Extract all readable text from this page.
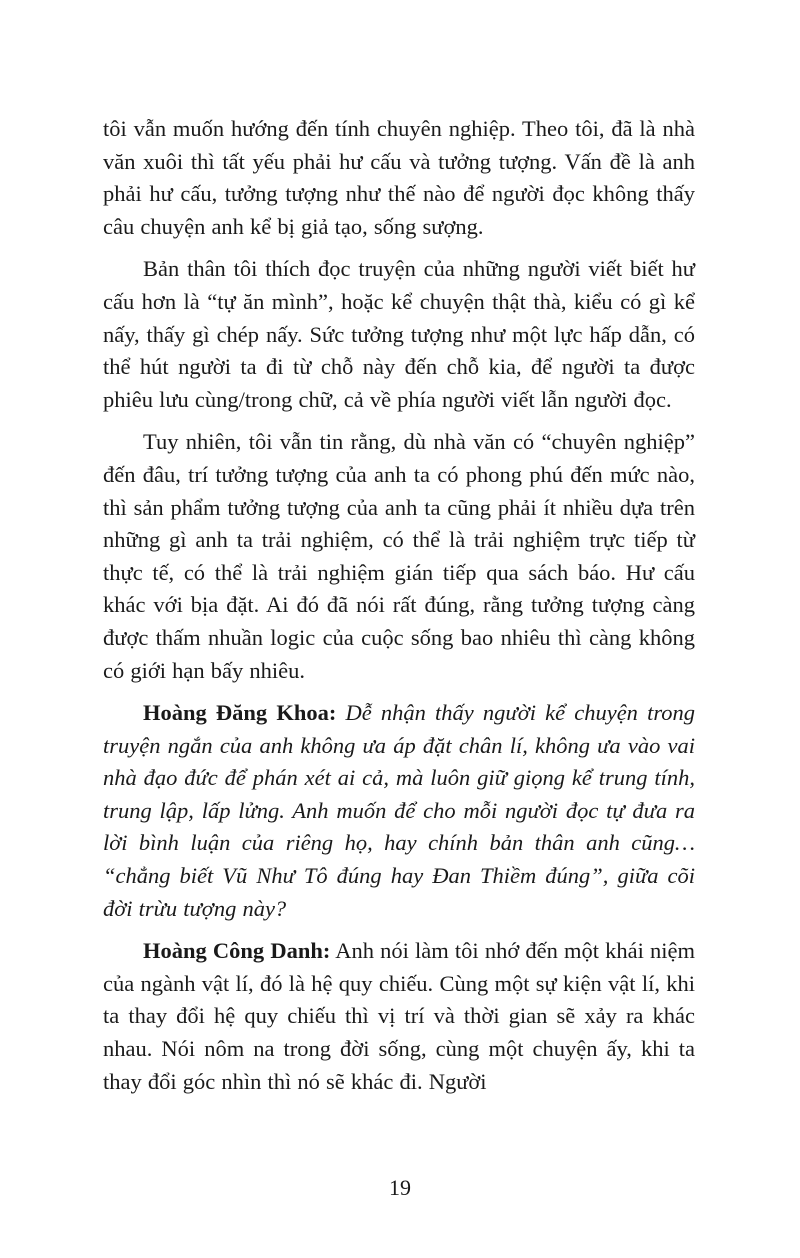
tôi vẫn muốn hướng đến tính chuyên nghiệp. Theo tôi, đã là nhà văn xuôi thì tất yếu phải hư cấu và tưởng tượng. Vấn đề là anh phải hư cấu, tưởng tượng như thế nào để người đọc không thấy câu chuyện anh kể bị giả tạo, sống sượng.

Bản thân tôi thích đọc truyện của những người viết biết hư cấu hơn là “tự ăn mình”, hoặc kể chuyện thật thà, kiểu có gì kể nấy, thấy gì chép nấy. Sức tưởng tượng như một lực hấp dẫn, có thể hút người ta đi từ chỗ này đến chỗ kia, để người ta được phiêu lưu cùng/trong chữ, cả về phía người viết lẫn người đọc.

Tuy nhiên, tôi vẫn tin rằng, dù nhà văn có “chuyên nghiệp” đến đâu, trí tưởng tượng của anh ta có phong phú đến mức nào, thì sản phẩm tưởng tượng của anh ta cũng phải ít nhiều dựa trên những gì anh ta trải nghiệm, có thể là trải nghiệm trực tiếp từ thực tế, có thể là trải nghiệm gián tiếp qua sách báo. Hư cấu khác với bịa đặt. Ai đó đã nói rất đúng, rằng tưởng tượng càng được thấm nhuần logic của cuộc sống bao nhiêu thì càng không có giới hạn bấy nhiêu.

Hoàng Đăng Khoa: Dễ nhận thấy người kể chuyện trong truyện ngắn của anh không ưa áp đặt chân lí, không ưa vào vai nhà đạo đức để phán xét ai cả, mà luôn giữ giọng kể trung tính, trung lập, lấp lửng. Anh muốn để cho mỗi người đọc tự đưa ra lời bình luận của riêng họ, hay chính bản thân anh cũng… “chẳng biết Vũ Như Tô đúng hay Đan Thiềm đúng”, giữa cõi đời trừu tượng này?

Hoàng Công Danh: Anh nói làm tôi nhớ đến một khái niệm của ngành vật lí, đó là hệ quy chiếu. Cùng một sự kiện vật lí, khi ta thay đổi hệ quy chiếu thì vị trí và thời gian sẽ xảy ra khác nhau. Nói nôm na trong đời sống, cùng một chuyện ấy, khi ta thay đổi góc nhìn thì nó sẽ khác đi. Người

19
